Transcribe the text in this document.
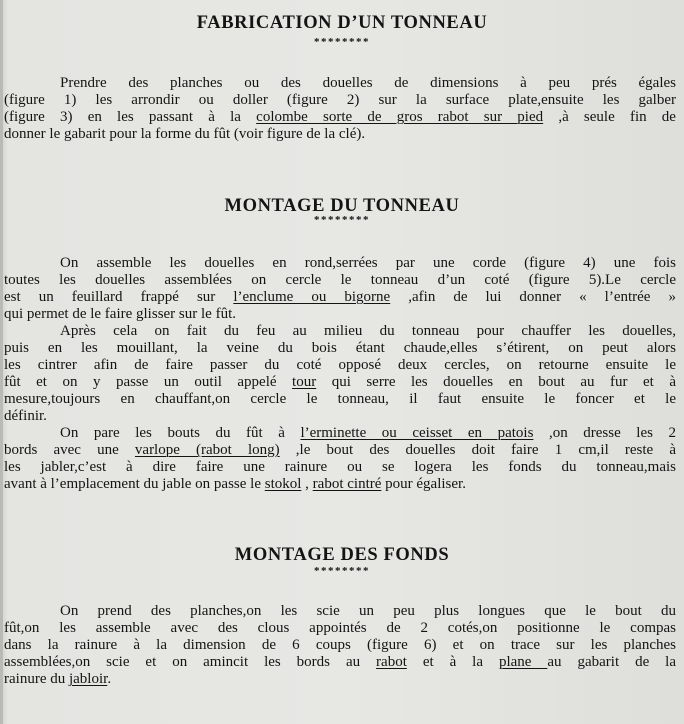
FABRICATION D’UN TONNEAU
********
Prendre des planches ou des douelles de dimensions à peu prés égales
(figure 1) les arrondir ou doller (figure 2) sur la surface plate,ensuite les galber
(figure 3) en les passant à la colombe sorte de gros rabot sur pied ,à seule fin de
donner le gabarit pour la forme du fût (voir figure de la clé).
MONTAGE DU TONNEAU
********
On assemble les douelles en rond,serrées par une corde (figure 4) une fois
toutes les douelles assemblées on cercle le tonneau d’un coté (figure 5).Le cercle
est un feuillard frappé sur l’enclume ou bigorne ,afin de lui donner « l’entrée »
qui permet de le faire glisser sur le fût.
Après cela on fait du feu au milieu du tonneau pour chauffer les douelles,
puis en les mouillant, la veine du bois étant chaude,elles s’étirent, on peut alors
les cintrer afin de faire passer du coté opposé deux cercles, on retourne ensuite le
fût et on y passe un outil appelé tour qui serre les douelles en bout au fur et à
mesure,toujours en chauffant,on cercle le tonneau, il faut ensuite le foncer et le
définir.
On pare les bouts du fût à l’erminette ou ceisset en patois ,on dresse les 2
bords avec une varlope (rabot long) ,le bout des douelles doit faire 1 cm,il reste à
les jabler,c’est à dire faire une rainure ou se logera les fonds du tonneau,mais
avant à l’emplacement du jable on passe le stokol , rabot cintré pour égaliser.
MONTAGE DES FONDS
********
On prend des planches,on les scie un peu plus longues que le bout du
fût,on les assemble avec des clous appointés de 2 cotés,on positionne le compas
dans la rainure à la dimension de 6 coups (figure 6) et on trace sur les planches
assemblées,on scie et on amincit les bords au rabot et à la plane au gabarit de la
rainure du jabloir.
